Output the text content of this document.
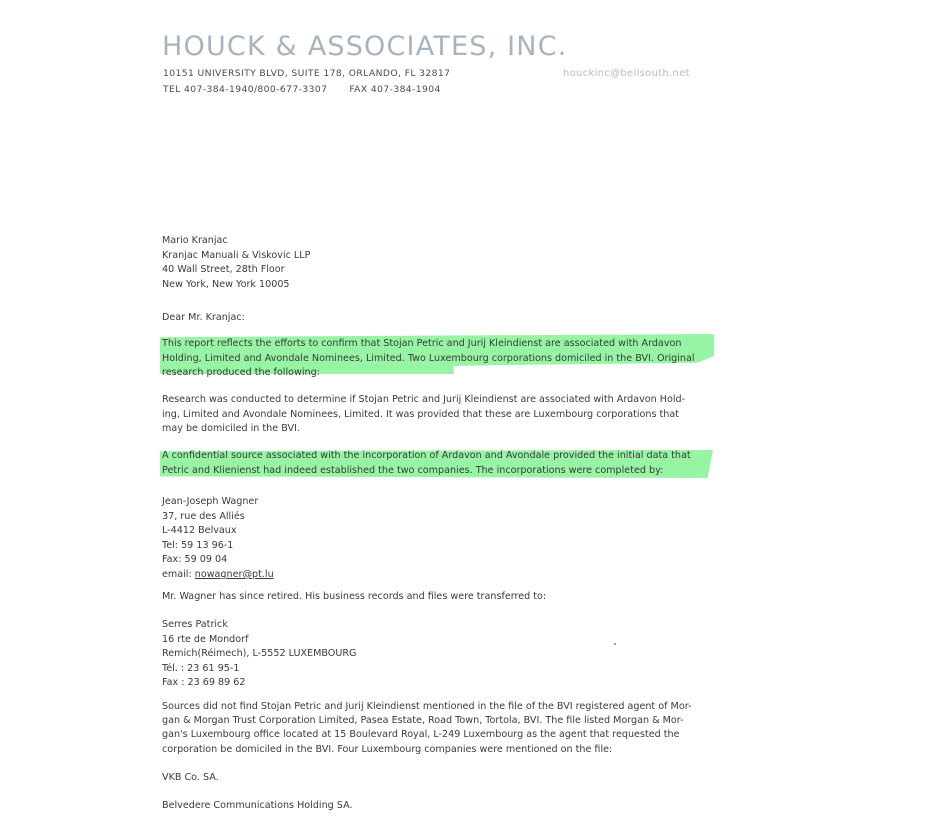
HOUCK & ASSOCIATES, INC.
10151 UNIVERSITY BLVD, SUITE 178, ORLANDO, FL 32817
TEL 407-384-1940/800-677-3307 FAX 407-384-1904
houckinc@bellsouth.net
Mario Kranjac
Kranjac Manuali & Viskovic LLP
40 Wall Street, 28th Floor
New York, New York 10005
Dear Mr. Kranjac:
This report reflects the efforts to confirm that Stojan Petric and Jurij Kleindienst are associated with Ardavon
Holding, Limited and Avondale Nominees, Limited. Two Luxembourg corporations domiciled in the BVI. Original
research produced the following:
Research was conducted to determine if Stojan Petric and Jurij Kleindienst are associated with Ardavon Hold-
ing, Limited and Avondale Nominees, Limited. It was provided that these are Luxembourg corporations that
may be domiciled in the BVI.
A confidential source associated with the incorporation of Ardavon and Avondale provided the initial data that
Petric and Klienienst had indeed established the two companies. The incorporations were completed by:
Jean-Joseph Wagner
37, rue des Alliés
L-4412 Belvaux
Tel: 59 13 96-1
Fax: 59 09 04
email: nowagner@pt.lu
Mr. Wagner has since retired. His business records and files were transferred to:
Serres Patrick
16 rte de Mondorf
Remich(Réimech), L-5552 LUXEMBOURG
Tél. : 23 61 95-1
Fax : 23 69 89 62
Sources did not find Stojan Petric and Jurij Kleindienst mentioned in the file of the BVI registered agent of Mor-
gan & Morgan Trust Corporation Limited, Pasea Estate, Road Town, Tortola, BVI. The file listed Morgan & Mor-
gan's Luxembourg office located at 15 Boulevard Royal, L-249 Luxembourg as the agent that requested the
corporation be domiciled in the BVI. Four Luxembourg companies were mentioned on the file:
VKB Co. SA.
Belvedere Communications Holding SA.
